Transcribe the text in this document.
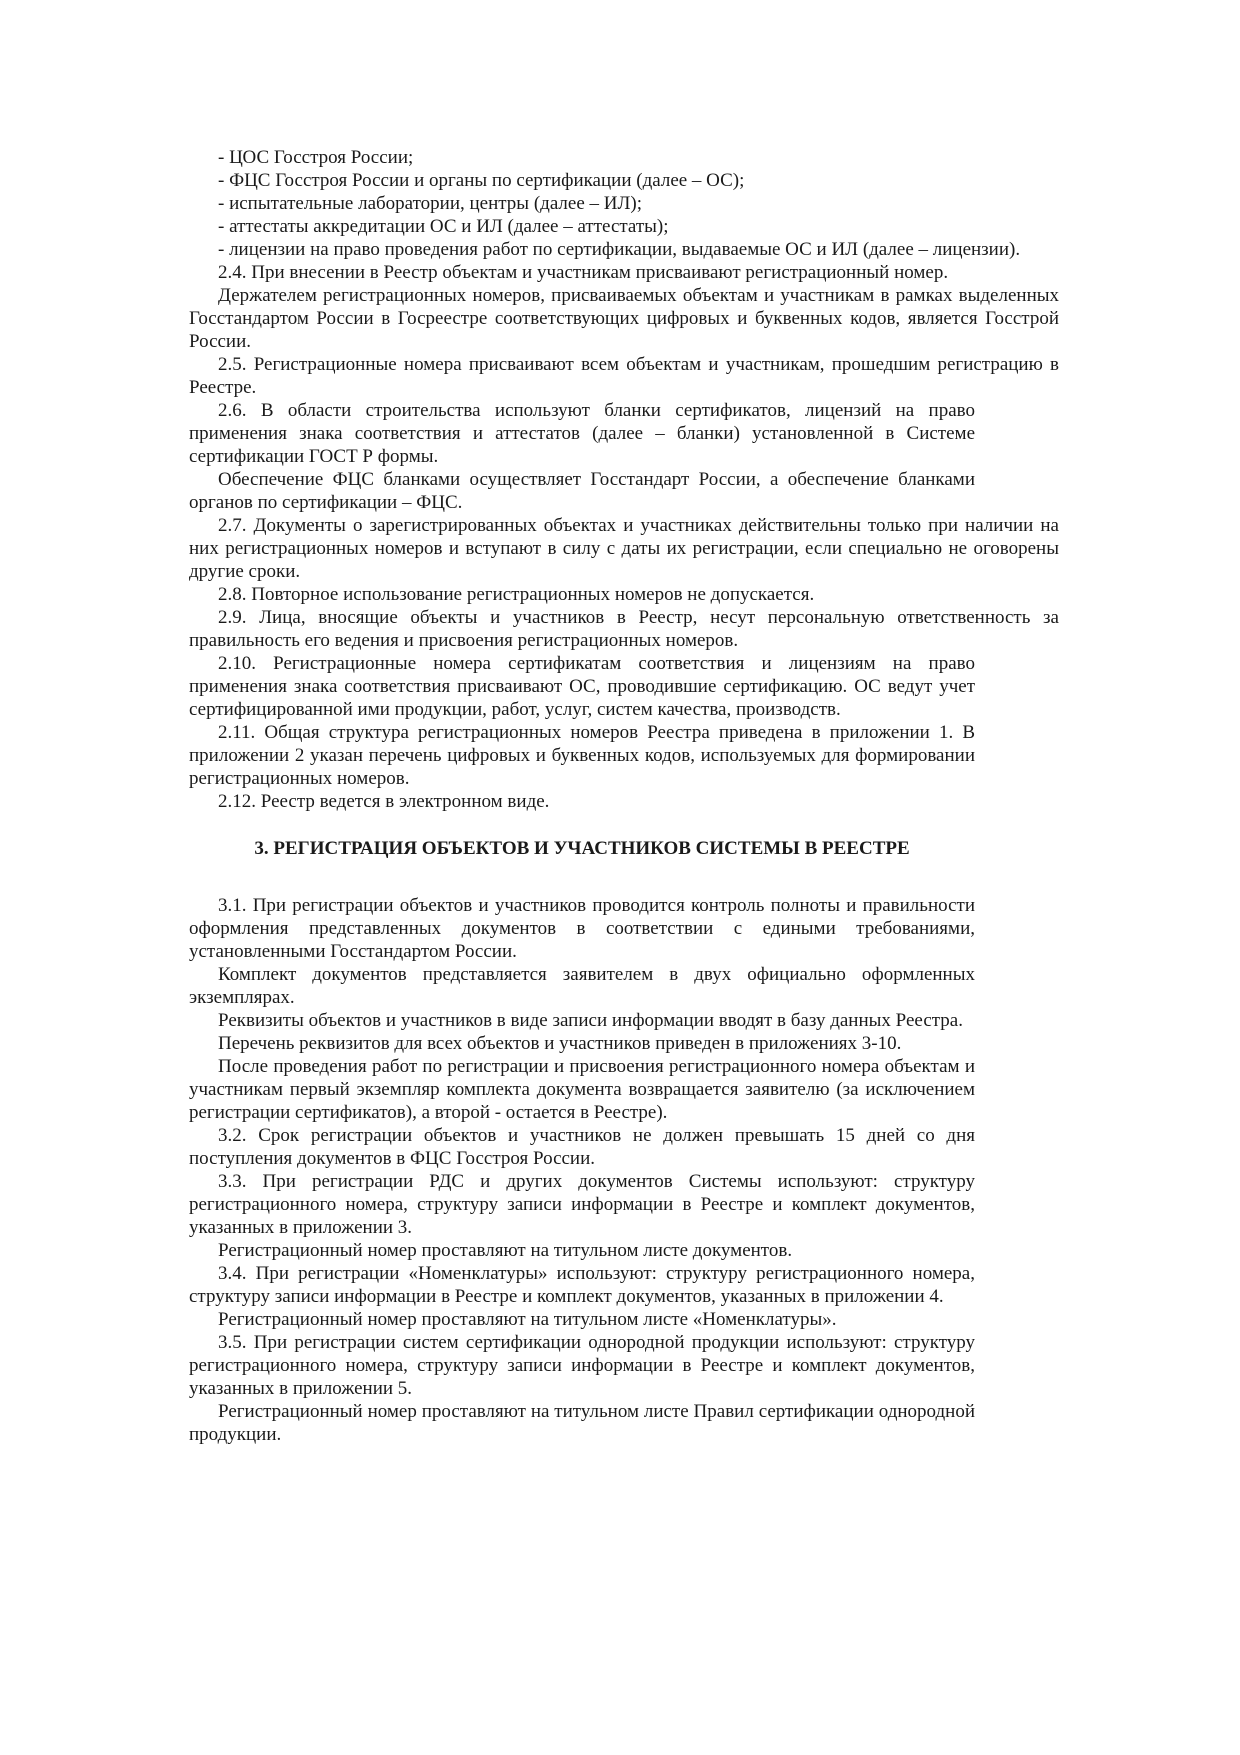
- ЦОС Госстроя России;

- ФЦС Госстроя России и органы по сертификации (далее – ОС);

- испытательные лаборатории, центры (далее – ИЛ);

- аттестаты аккредитации ОС и ИЛ (далее – аттестаты);

- лицензии на право проведения работ по сертификации, выдаваемые ОС и ИЛ (далее – лицензии).

2.4. При внесении в Реестр объектам и участникам присваивают регистрационный номер.

Держателем регистрационных номеров, присваиваемых объектам и участникам в рамках выделенных Госстандартом России в Госреестре соответствующих цифровых и буквенных кодов, является Госстрой России.

2.5. Регистрационные номера присваивают всем объектам и участникам, прошедшим регистрацию в Реестре.

2.6. В области строительства используют бланки сертификатов, лицензий на право применения знака соответствия и аттестатов (далее – бланки) установленной в Системе сертификации ГОСТ Р формы.

Обеспечение ФЦС бланками осуществляет Госстандарт России, а обеспечение бланками органов по сертификации – ФЦС.

2.7. Документы о зарегистрированных объектах и участниках действительны только при наличии на них регистрационных номеров и вступают в силу с даты их регистрации, если специально не оговорены другие сроки.

2.8. Повторное использование регистрационных номеров не допускается.

2.9. Лица, вносящие объекты и участников в Реестр, несут персональную ответственность за правильность его ведения и присвоения регистрационных номеров.

2.10. Регистрационные номера сертификатам соответствия и лицензиям на право применения знака соответствия присваивают ОС, проводившие сертификацию. ОС ведут учет сертифицированной ими продукции, работ, услуг, систем качества, производств.

2.11. Общая структура регистрационных номеров Реестра приведена в приложении 1. В приложении 2 указан перечень цифровых и буквенных кодов, используемых для формировании регистрационных номеров.

2.12. Реестр ведется в электронном виде.

3. РЕГИСТРАЦИЯ ОБЪЕКТОВ И УЧАСТНИКОВ СИСТЕМЫ В РЕЕСТРЕ

3.1. При регистрации объектов и участников проводится контроль полноты и правильности оформления представленных документов в соответствии с едиными требованиями, установленными Госстандартом России.

Комплект документов представляется заявителем в двух официально оформленных экземплярах.

Реквизиты объектов и участников в виде записи информации вводят в базу данных Реестра.

Перечень реквизитов для всех объектов и участников приведен в приложениях 3-10.

После проведения работ по регистрации и присвоения регистрационного номера объектам и участникам первый экземпляр комплекта документа возвращается заявителю (за исключением регистрации сертификатов), а второй - остается в Реестре).

3.2. Срок регистрации объектов и участников не должен превышать 15 дней со дня поступления документов в ФЦС Госстроя России.

3.3. При регистрации РДС и других документов Системы используют: структуру регистрационного номера, структуру записи информации в Реестре и комплект документов, указанных в приложении 3.

Регистрационный номер проставляют на титульном листе документов.

3.4. При регистрации «Номенклатуры» используют: структуру регистрационного номера, структуру записи информации в Реестре и комплект документов, указанных в приложении 4.

Регистрационный номер проставляют на титульном листе «Номенклатуры».

3.5. При регистрации систем сертификации однородной продукции используют: структуру регистрационного номера, структуру записи информации в Реестре и комплект документов, указанных в приложении 5.

Регистрационный номер проставляют на титульном листе Правил сертификации однородной продукции.
